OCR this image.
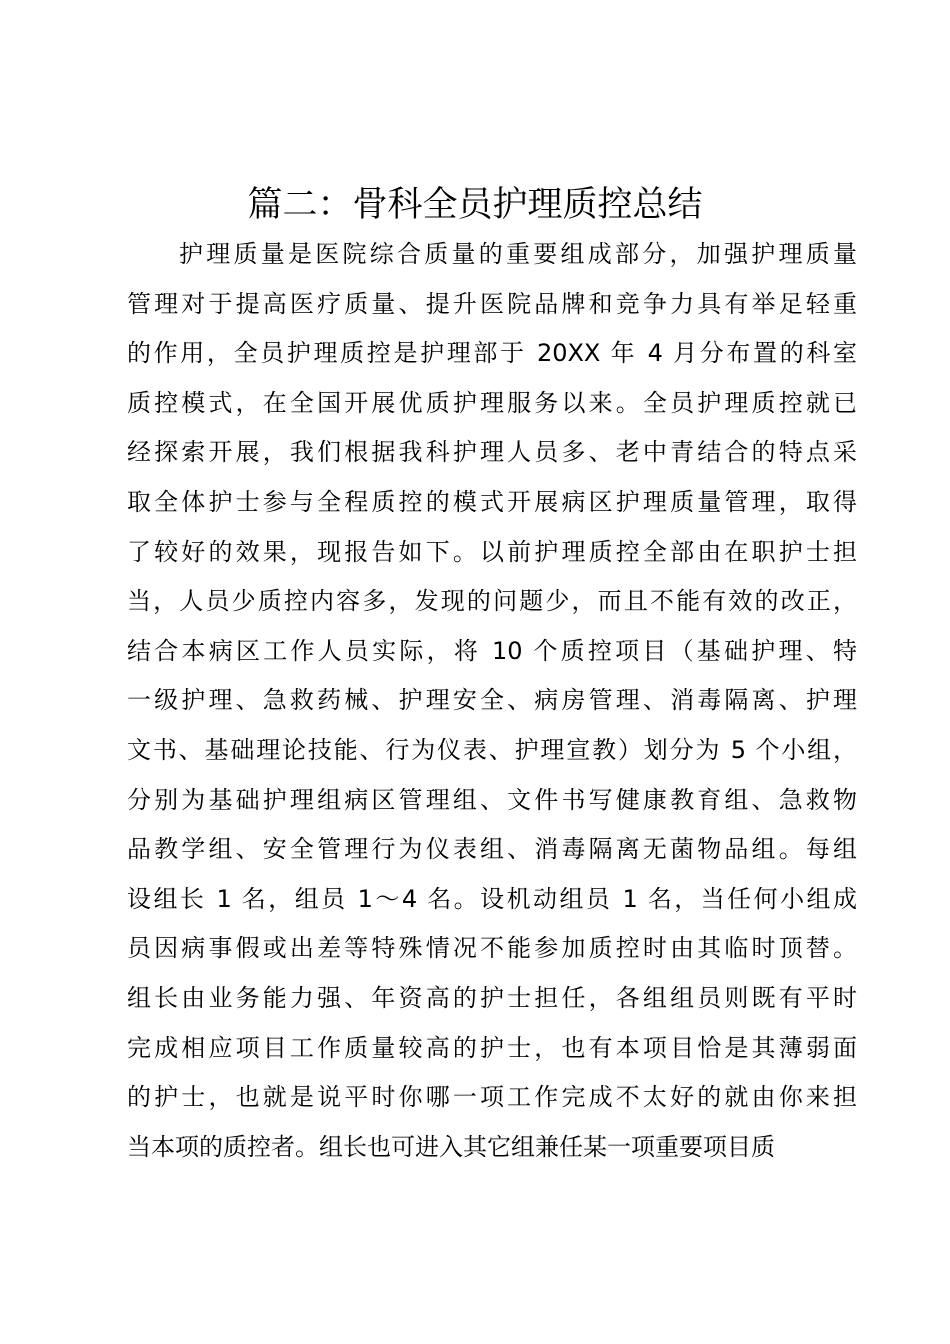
篇二：骨科全员护理质控总结
护理质量是医院综合质量的重要组成部分，加强护理质量
管理对于提高医疗质量、提升医院品牌和竞争力具有举足轻重
的作用，全员护理质控是护理部于 20XX 年 4 月分布置的科室
质控模式，在全国开展优质护理服务以来。全员护理质控就已
经探索开展，我们根据我科护理人员多、老中青结合的特点采
取全体护士参与全程质控的模式开展病区护理质量管理，取得
了较好的效果，现报告如下。以前护理质控全部由在职护士担
当，人员少质控内容多，发现的问题少，而且不能有效的改正，
结合本病区工作人员实际，将 10 个质控项目（基础护理、特
一级护理、急救药械、护理安全、病房管理、消毒隔离、护理
文书、基础理论技能、行为仪表、护理宣教）划分为 5 个小组，
分别为基础护理组病区管理组、文件书写健康教育组、急救物
品教学组、安全管理行为仪表组、消毒隔离无菌物品组。每组
设组长 1 名，组员 1～4 名。设机动组员 1 名，当任何小组成
员因病事假或出差等特殊情况不能参加质控时由其临时顶替。
组长由业务能力强、年资高的护士担任，各组组员则既有平时
完成相应项目工作质量较高的护士，也有本项目恰是其薄弱面
的护士，也就是说平时你哪一项工作完成不太好的就由你来担
当本项的质控者。组长也可进入其它组兼任某一项重要项目质
